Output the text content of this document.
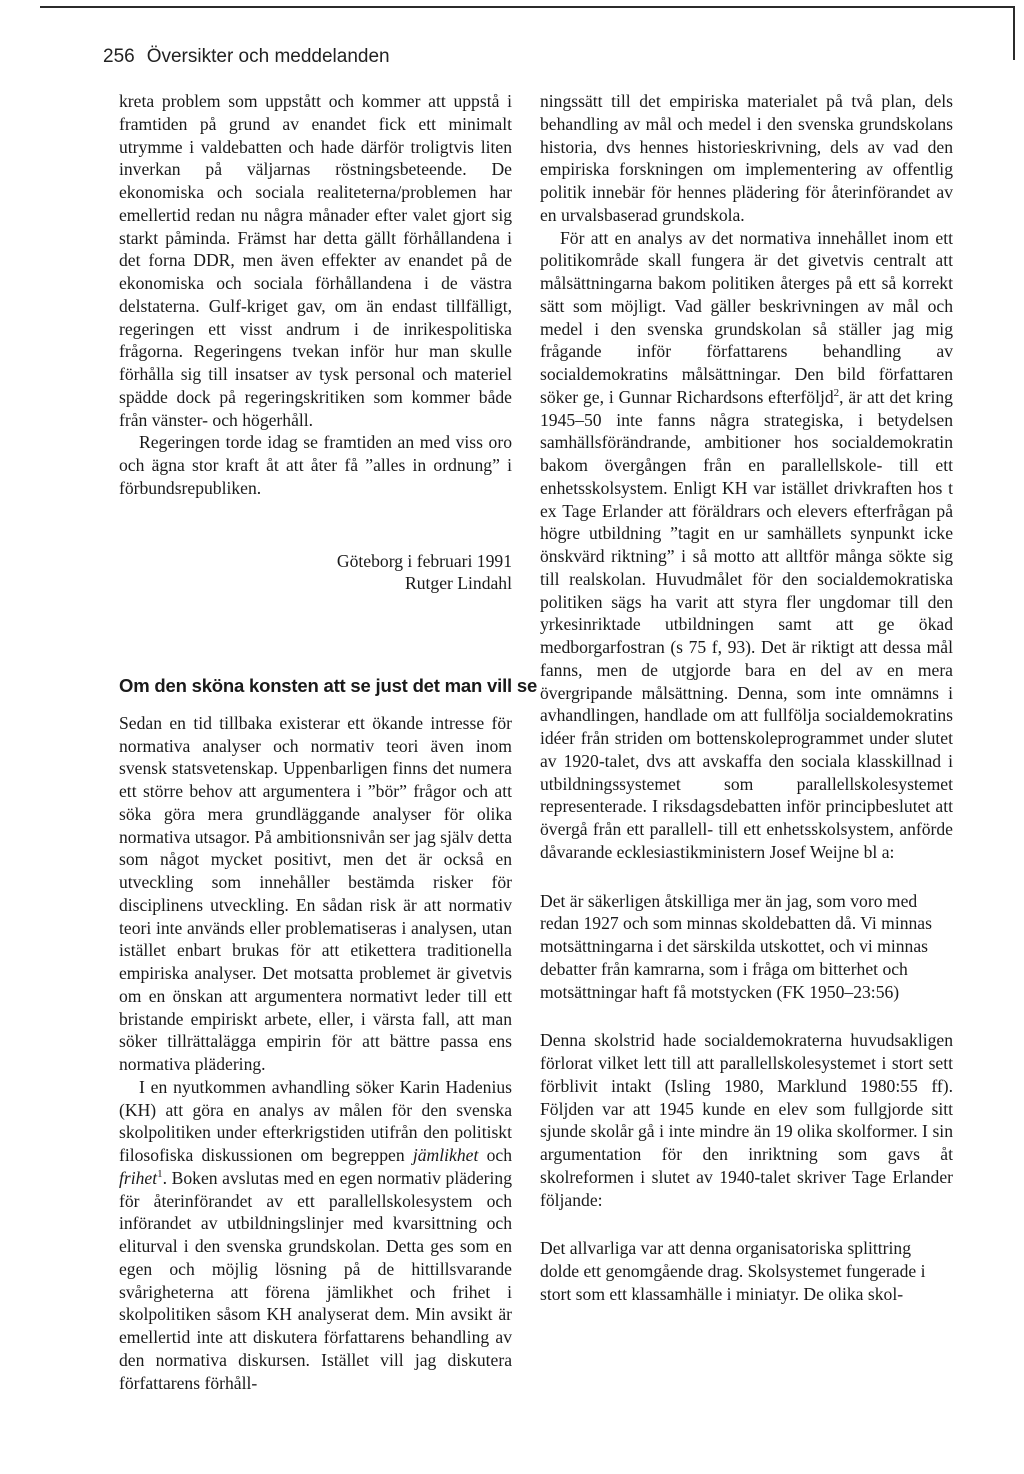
256 Översikter och meddelanden

kreta problem som uppstått och kommer att uppstå i framtiden på grund av enandet fick ett minimalt utrymme i valdebatten och hade därför troligtvis liten inverkan på väljarnas röstningsbeteende. De ekonomiska och sociala realiteterna/problemen har emellertid redan nu några månader efter valet gjort sig starkt påminda. Främst har detta gällt förhållandena i det forna DDR, men även effekter av enandet på de ekonomiska och sociala förhållandena i de västra delstaterna. Gulf-kriget gav, om än endast tillfälligt, regeringen ett visst andrum i de inrikespolitiska frågorna. Regeringens tvekan inför hur man skulle förhålla sig till insatser av tysk personal och materiel spädde dock på regeringskritiken som kommer både från vänster- och högerhåll.

Regeringen torde idag se framtiden an med viss oro och ägna stor kraft åt att åter få ”alles in ordnung” i förbundsrepubliken.

Göteborg i februari 1991
Rutger Lindahl
Om den sköna konsten att se just det man vill se

Sedan en tid tillbaka existerar ett ökande intresse för normativa analyser och normativ teori även inom svensk statsvetenskap. Uppenbarligen finns det numera ett större behov att argumentera i ”bör” frågor och att söka göra mera grundläggande analyser för olika normativa utsagor. På ambitionsnivån ser jag själv detta som något mycket positivt, men det är också en utveckling som innehåller bestämda risker för disciplinens utveckling. En sådan risk är att normativ teori inte används eller problematiseras i analysen, utan istället enbart brukas för att etikettera traditionella empiriska analyser. Det motsatta problemet är givetvis om en önskan att argumentera normativt leder till ett bristande empiriskt arbete, eller, i värsta fall, att man söker tillrättalägga empirin för att bättre passa ens normativa plädering.

I en nyutkommen avhandling söker Karin Hadenius (KH) att göra en analys av målen för den svenska skolpolitiken under efterkrigstiden utifrån den politiskt filosofiska diskussionen om begreppen jämlikhet och frihet$^1$. Boken avslutas med en egen normativ plädering för återinförandet av ett parallellskolesystem och införandet av utbildningslinjer med kvarsittning och eliturval i den svenska grundskolan. Detta ges som en egen och möjlig lösning på de hittillsvarande svårigheterna att förena jämlikhet och frihet i skolpolitiken såsom KH analyserat dem. Min avsikt är emellertid inte att diskutera författarens behandling av den normativa diskursen. Istället vill jag diskutera författarens förhåll-

ningssätt till det empiriska materialet på två plan, dels behandling av mål och medel i den svenska grundskolans historia, dvs hennes historieskrivning, dels av vad den empiriska forskningen om implementering av offentlig politik innebär för hennes plädering för återinförandet av en urvalsbaserad grundskola.

För att en analys av det normativa innehållet inom ett politikområde skall fungera är det givetvis centralt att målsättningarna bakom politiken återges på ett så korrekt sätt som möjligt. Vad gäller beskrivningen av mål och medel i den svenska grundskolan så ställer jag mig frågande inför författarens behandling av socialdemokratins målsättningar. Den bild författaren söker ge, i Gunnar Richardsons efterföljd$^2$, är att det kring 1945–50 inte fanns några strategiska, i betydelsen samhällsförändrande, ambitioner hos socialdemokratin bakom övergången från en parallellskole- till ett enhetsskolsystem. Enligt KH var istället drivkraften hos t ex Tage Erlander att föräldrars och elevers efterfrågan på högre utbildning ”tagit en ur samhällets synpunkt icke önskvärd riktning” i så motto att alltför många sökte sig till realskolan. Huvudmålet för den socialdemokratiska politiken sägs ha varit att styra fler ungdomar till den yrkesinriktade utbildningen samt att ge ökad medborgarfostran (s 75 f, 93). Det är riktigt att dessa mål fanns, men de utgjorde bara en del av en mera övergripande målsättning. Denna, som inte omnämns i avhandlingen, handlade om att fullfölja socialdemokratins idéer från striden om bottenskoleprogrammet under slutet av 1920-talet, dvs att avskaffa den sociala klasskillnad i utbildningssystemet som parallellskolesystemet representerade. I riksdagsdebatten inför principbeslutet att övergå från ett parallell- till ett enhetsskolsystem, anförde dåvarande ecklesiastikministern Josef Weijne bl a:

Det är säkerligen åtskilliga mer än jag, som voro med redan 1927 och som minnas skoldebatten då. Vi minnas motsättningarna i det särskilda utskottet, och vi minnas debatter från kamrarna, som i fråga om bitterhet och motsättningar haft få motstycken (FK 1950–23:56)

Denna skolstrid hade socialdemokraterna huvudsakligen förlorat vilket lett till att parallellskolesystemet i stort sett förblivit intakt (Isling 1980, Marklund 1980:55 ff). Följden var att 1945 kunde en elev som fullgjorde sitt sjunde skolår gå i inte mindre än 19 olika skolformer. I sin argumentation för den inriktning som gavs åt skolreformen i slutet av 1940-talet skriver Tage Erlander följande:

Det allvarliga var att denna organisatoriska splittring dolde ett genomgående drag. Skolsystemet fungerade i stort som ett klassamhälle i miniatyr. De olika skol-
